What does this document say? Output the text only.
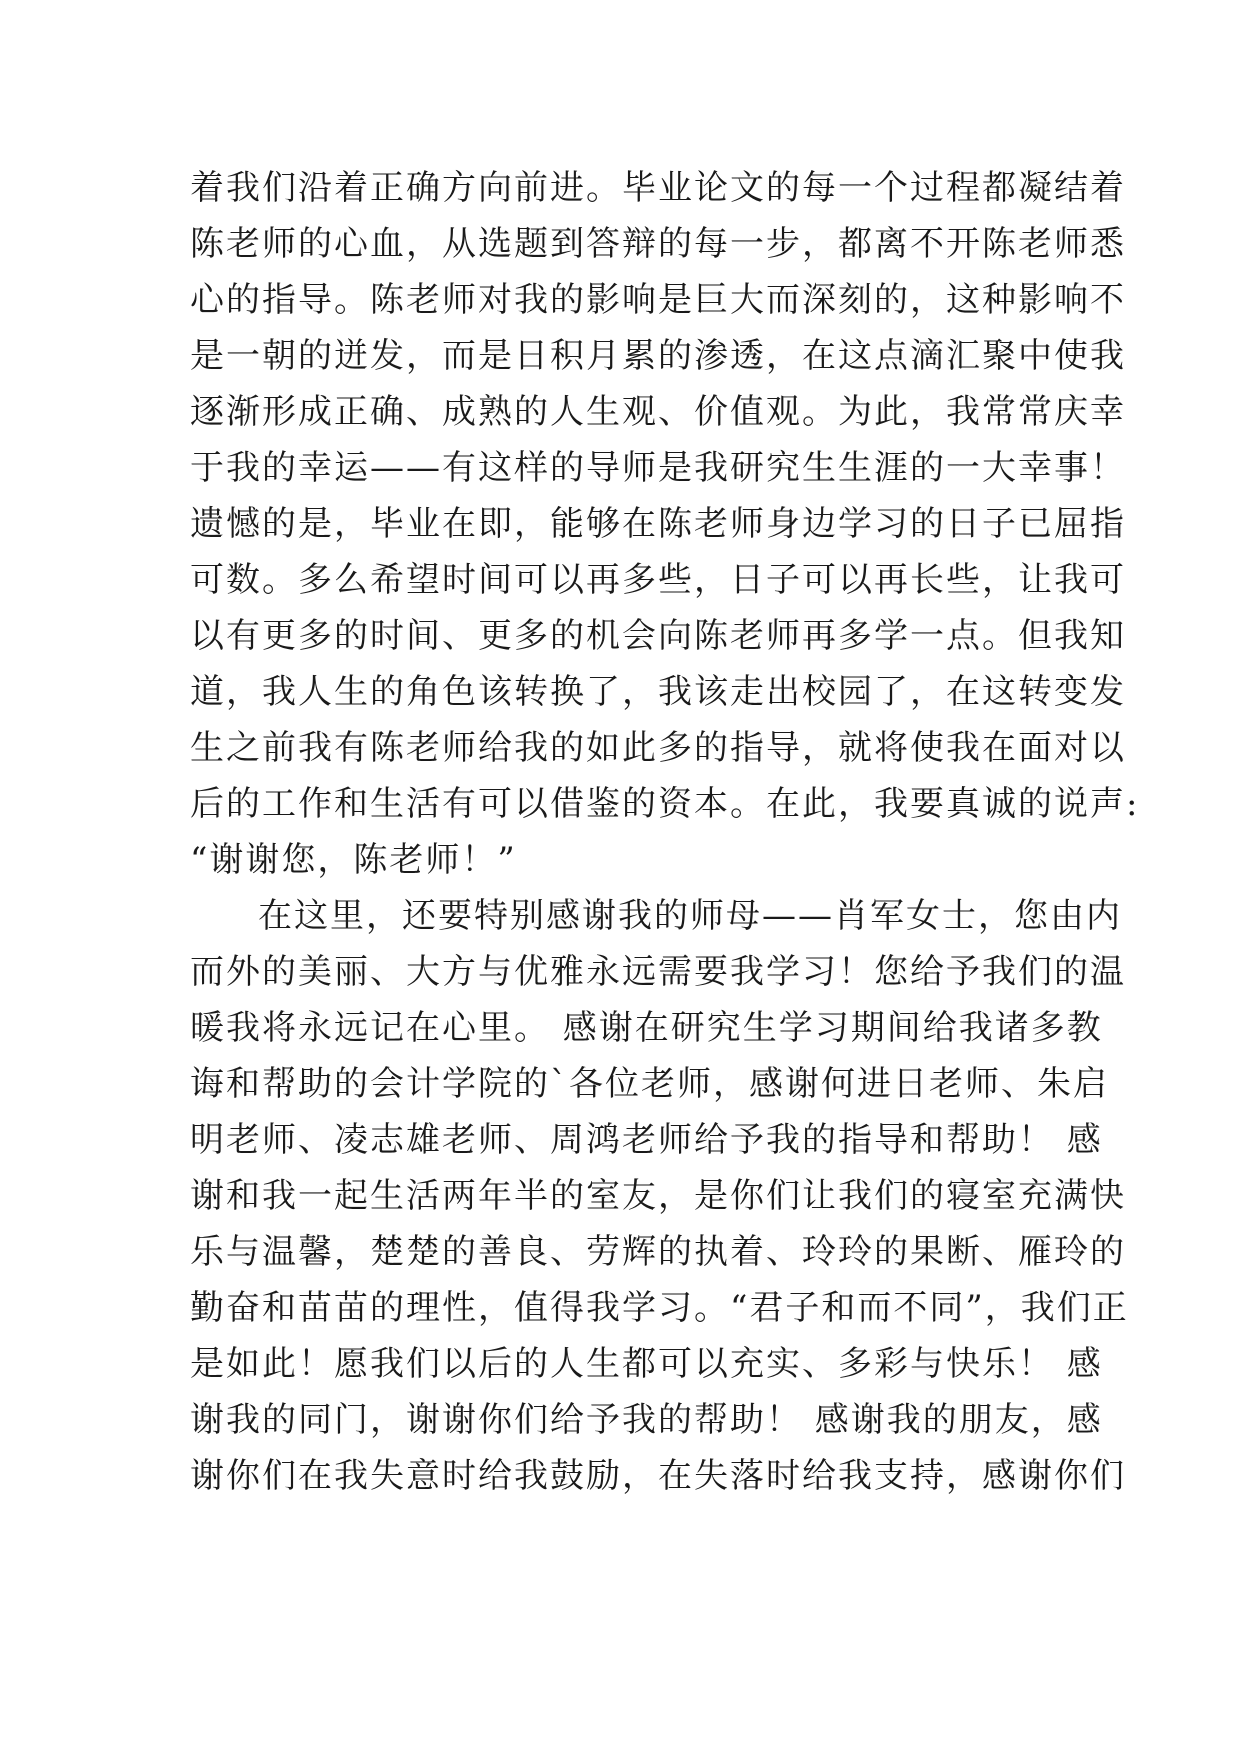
着我们沿着正确方向前进。毕业论文的每一个过程都凝结着
陈老师的心血，从选题到答辩的每一步，都离不开陈老师悉
心的指导。陈老师对我的影响是巨大而深刻的，这种影响不
是一朝的迸发，而是日积月累的渗透，在这点滴汇聚中使我
逐渐形成正确、成熟的人生观、价值观。为此，我常常庆幸
于我的幸运——有这样的导师是我研究生生涯的一大幸事！
遗憾的是，毕业在即，能够在陈老师身边学习的日子已屈指
可数。多么希望时间可以再多些，日子可以再长些，让我可
以有更多的时间、更多的机会向陈老师再多学一点。但我知
道，我人生的角色该转换了，我该走出校园了，在这转变发
生之前我有陈老师给我的如此多的指导，就将使我在面对以
后的工作和生活有可以借鉴的资本。在此，我要真诚的说声:
“谢谢您，陈老师！”
在这里，还要特别感谢我的师母——肖军女士，您由内
而外的美丽、大方与优雅永远需要我学习！您给予我们的温
暖我将永远记在心里。 感谢在研究生学习期间给我诸多教
诲和帮助的会计学院的`各位老师，感谢何进日老师、朱启
明老师、凌志雄老师、周鸿老师给予我的指导和帮助！ 感
谢和我一起生活两年半的室友，是你们让我们的寝室充满快
乐与温馨，楚楚的善良、劳辉的执着、玲玲的果断、雁玲的
勤奋和苗苗的理性，值得我学习。“君子和而不同”，我们正
是如此！愿我们以后的人生都可以充实、多彩与快乐！ 感
谢我的同门，谢谢你们给予我的帮助！ 感谢我的朋友，感
谢你们在我失意时给我鼓励，在失落时给我支持，感谢你们
